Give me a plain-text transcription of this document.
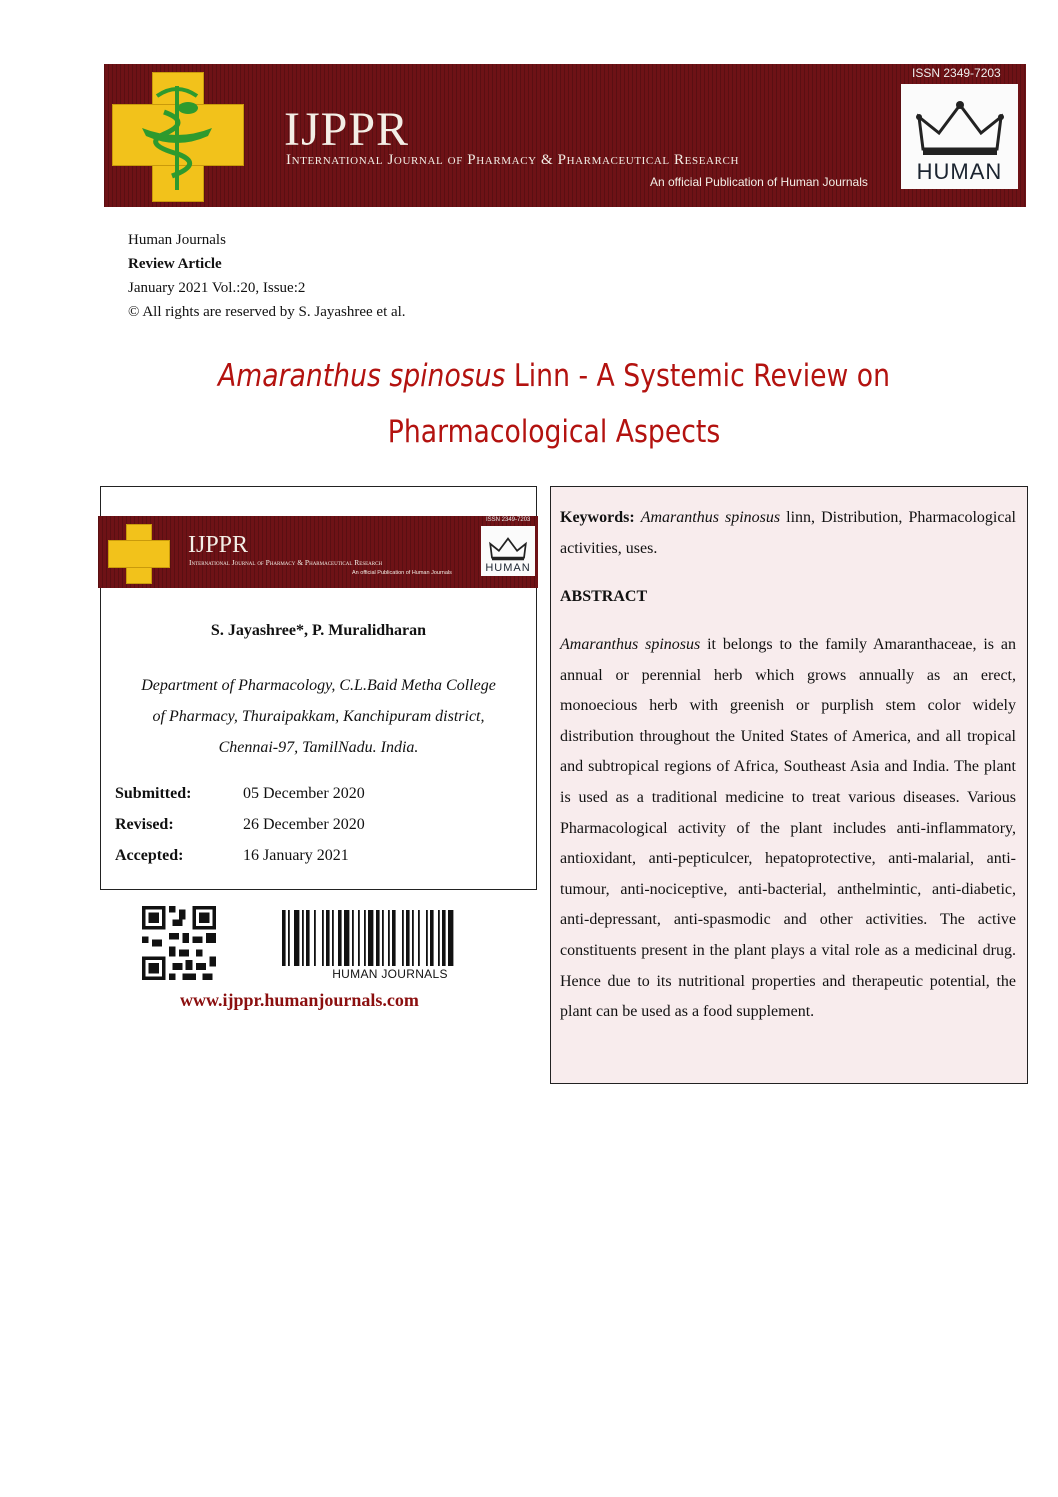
IJPPR
International Journal of Pharmacy & Pharmaceutical Research
An official Publication of Human Journals
ISSN 2349-7203
HUMAN
Human Journals
Review Article
January 2021 Vol.:20, Issue:2
© All rights are reserved by S. Jayashree et al.
Amaranthus spinosus Linn - A Systemic Review on
Pharmacological Aspects
IJPPR
International Journal of Pharmacy & Pharmaceutical Research
An official Publication of Human Journals
ISSN 2349-7203
HUMAN
S. Jayashree*, P. Muralidharan
Department of Pharmacology, C.L.Baid Metha College
of Pharmacy, Thuraipakkam, Kanchipuram district,
Chennai-97, TamilNadu. India.
Submitted:	05 December 2020
Revised:	26 December 2020
Accepted:	16 January 2021
HUMAN JOURNALS
www.ijppr.humanjournals.com
Keywords: Amaranthus spinosus linn, Distribution, Pharmacological activities, uses.
ABSTRACT
Amaranthus spinosus it belongs to the family Amaranthaceae, is an annual or perennial herb which grows annually as an erect, monoecious herb with greenish or purplish stem color widely distribution throughout the United States of America, and all tropical and subtropical regions of Africa, Southeast Asia and India. The plant is used as a traditional medicine to treat various diseases. Various Pharmacological activity of the plant includes anti-inflammatory, antioxidant, anti-pepticulcer, hepatoprotective, anti-malarial, anti-tumour, anti-nociceptive, anti-bacterial, anthelmintic, anti-diabetic, anti-depressant, anti-spasmodic and other activities. The active constituents present in the plant plays a vital role as a medicinal drug. Hence due to its nutritional properties and therapeutic potential, the plant can be used as a food supplement.
